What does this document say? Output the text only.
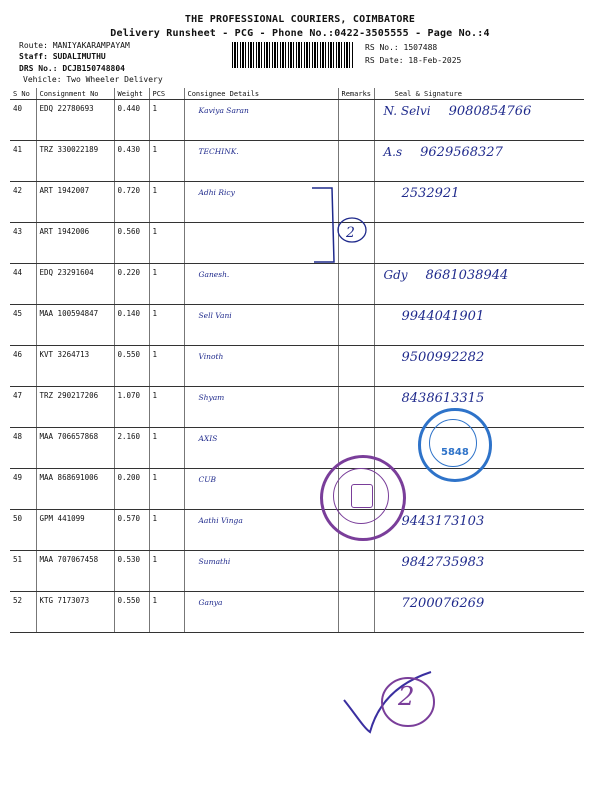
THE PROFESSIONAL COURIERS, COIMBATORE
Delivery Runsheet - PCG - Phone No.:0422-3505555 - Page No.:4
Route: MANIYAKARAMPAYAM
Staff: SUDALIMUTHU
DRS No.: DCJB150748804
Vehicle: Two Wheeler Delivery
RS No.: 1507488
RS Date: 18-Feb-2025
S No	Consignment No	Weight	PCS	Consignee Details	Remarks	Seal & Signature
40	EDQ 22780693	0.440	1	Kaviya Saran		N. Selvi 9080854766
41	TRZ 330022189	0.430	1	TECHINK.		A.s 9629568327
42	ART 1942007	0.720	1	Adhi Ricy		2532921
43	ART 1942006	0.560	1			
44	EDQ 23291604	0.220	1	Ganesh.		Gdy 8681038944
45	MAA 100594847	0.140	1	Sell Vani		9944041901
46	KVT 3264713	0.550	1	Vinoth		9500992282
47	TRZ 290217206	1.070	1	Shyam		8438613315
48	MAA 706657868	2.160	1	AXIS		
49	MAA 868691006	0.200	1	CUB		
50	GPM 441099	0.570	1	Aathi Vinga		9443173103
51	MAA 707067458	0.530	1	Sumathi		9842735983
52	KTG 7173073	0.550	1	Ganya		7200076269
2
5848
2
